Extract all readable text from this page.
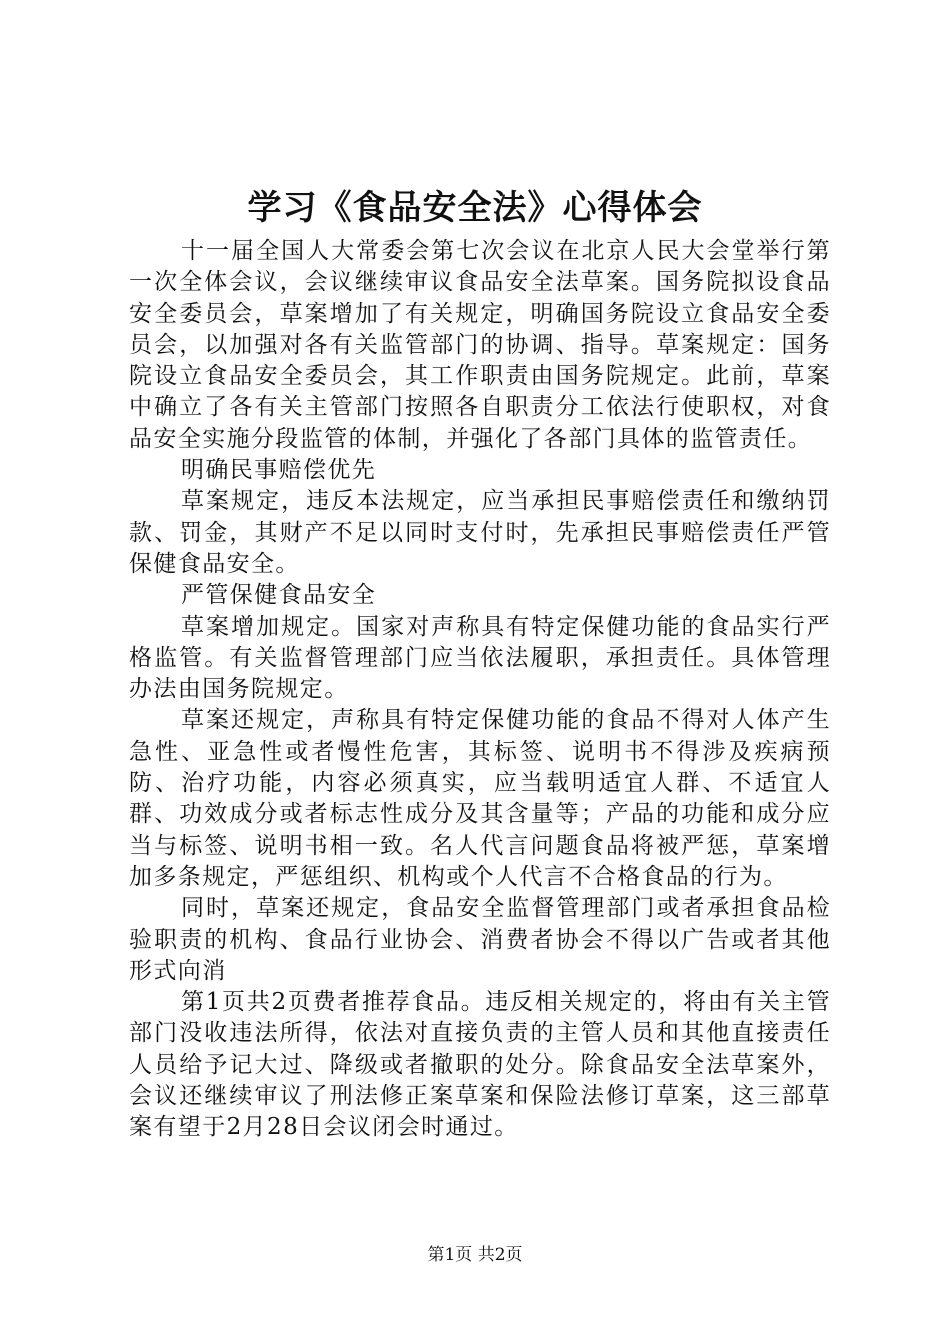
学习《食品安全法》心得体会

十一届全国人大常委会第七次会议在北京人民大会堂举行第一次全体会议，会议继续审议食品安全法草案。国务院拟设食品安全委员会，草案增加了有关规定，明确国务院设立食品安全委员会，以加强对各有关监管部门的协调、指导。草案规定：国务院设立食品安全委员会，其工作职责由国务院规定。此前，草案中确立了各有关主管部门按照各自职责分工依法行使职权，对食品安全实施分段监管的体制，并强化了各部门具体的监管责任。

明确民事赔偿优先

草案规定，违反本法规定，应当承担民事赔偿责任和缴纳罚款、罚金，其财产不足以同时支付时，先承担民事赔偿责任严管保健食品安全。

严管保健食品安全

草案增加规定。国家对声称具有特定保健功能的食品实行严格监管。有关监督管理部门应当依法履职，承担责任。具体管理办法由国务院规定。

草案还规定，声称具有特定保健功能的食品不得对人体产生急性、亚急性或者慢性危害，其标签、说明书不得涉及疾病预防、治疗功能，内容必须真实，应当载明适宜人群、不适宜人群、功效成分或者标志性成分及其含量等；产品的功能和成分应当与标签、说明书相一致。名人代言问题食品将被严惩，草案增加多条规定，严惩组织、机构或个人代言不合格食品的行为。

同时，草案还规定，食品安全监督管理部门或者承担食品检验职责的机构、食品行业协会、消费者协会不得以广告或者其他形式向消

第1页共2页费者推荐食品。违反相关规定的，将由有关主管部门没收违法所得，依法对直接负责的主管人员和其他直接责任人员给予记大过、降级或者撤职的处分。除食品安全法草案外，会议还继续审议了刑法修正案草案和保险法修订草案，这三部草案有望于2月28日会议闭会时通过。

第1页 共2页
